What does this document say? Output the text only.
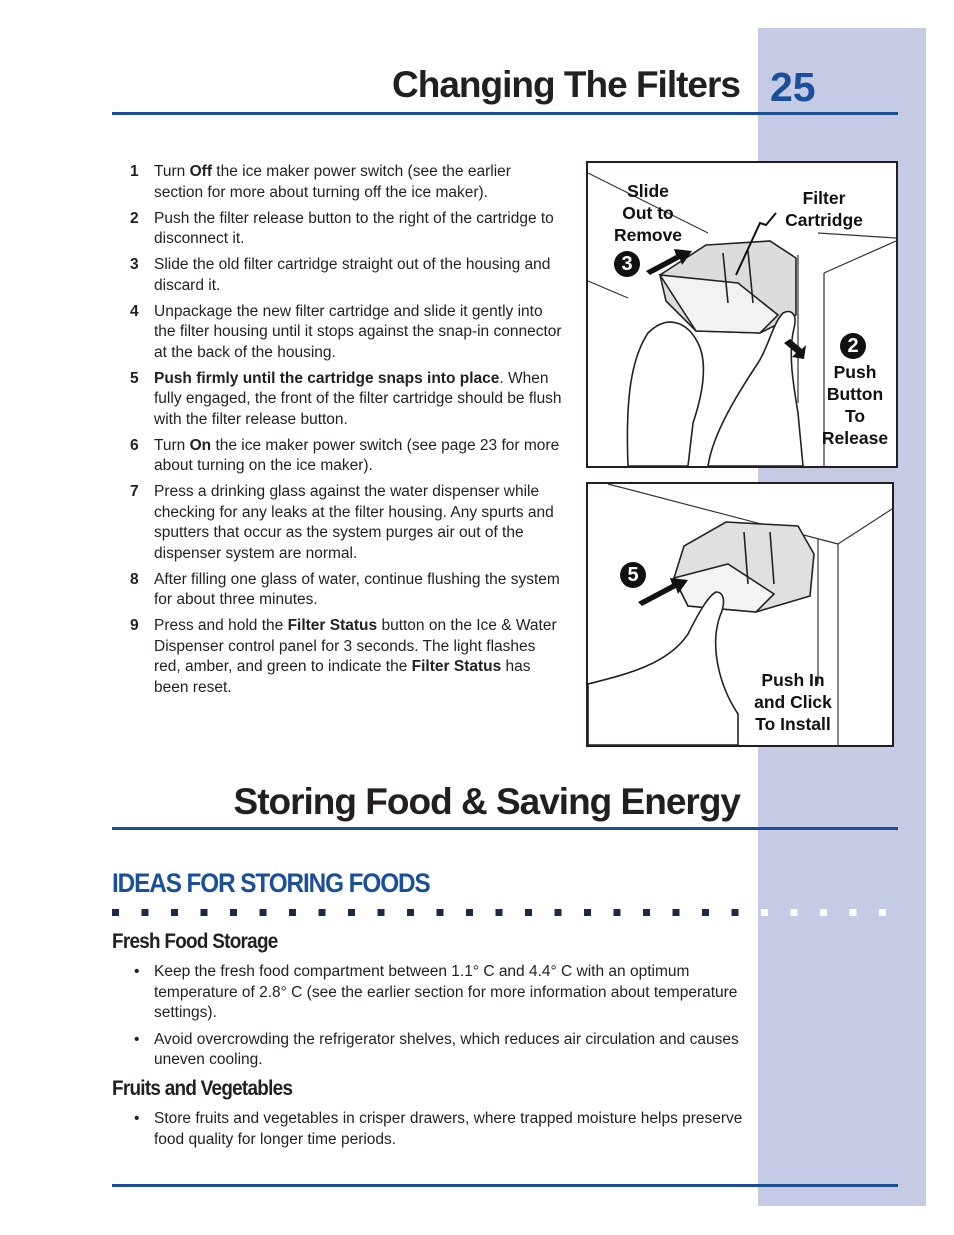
Changing The Filters 25
1 Turn Off the ice maker power switch (see the earlier section for more about turning off the ice maker).
2 Push the filter release button to the right of the cartridge to disconnect it.
3 Slide the old filter cartridge straight out of the housing and discard it.
4 Unpackage the new filter cartridge and slide it gently into the filter housing until it stops against the snap-in connector at the back of the housing.
5 Push firmly until the cartridge snaps into place. When fully engaged, the front of the filter cartridge should be flush with the filter release button.
6 Turn On the ice maker power switch (see page 23 for more about turning on the ice maker).
7 Press a drinking glass against the water dispenser while checking for any leaks at the filter housing. Any spurts and sputters that occur as the system purges air out of the dispenser system are normal.
8 After filling one glass of water, continue flushing the system for about three minutes.
9 Press and hold the Filter Status button on the Ice & Water Dispenser control panel for 3 seconds. The light flashes red, amber, and green to indicate the Filter Status has been reset.
Slide
Out to
Remove
Filter
Cartridge
Push
Button
To
Release
3
2
Push In
and Click
To Install
5
Storing Food & Saving Energy
IDEAS FOR STORING FOODS
Fresh Food Storage
• Keep the fresh food compartment between 1.1° C and 4.4° C with an optimum temperature of 2.8° C (see the earlier section for more information about temperature settings).
• Avoid overcrowding the refrigerator shelves, which reduces air circulation and causes uneven cooling.
Fruits and Vegetables
• Store fruits and vegetables in crisper drawers, where trapped moisture helps preserve food quality for longer time periods.
